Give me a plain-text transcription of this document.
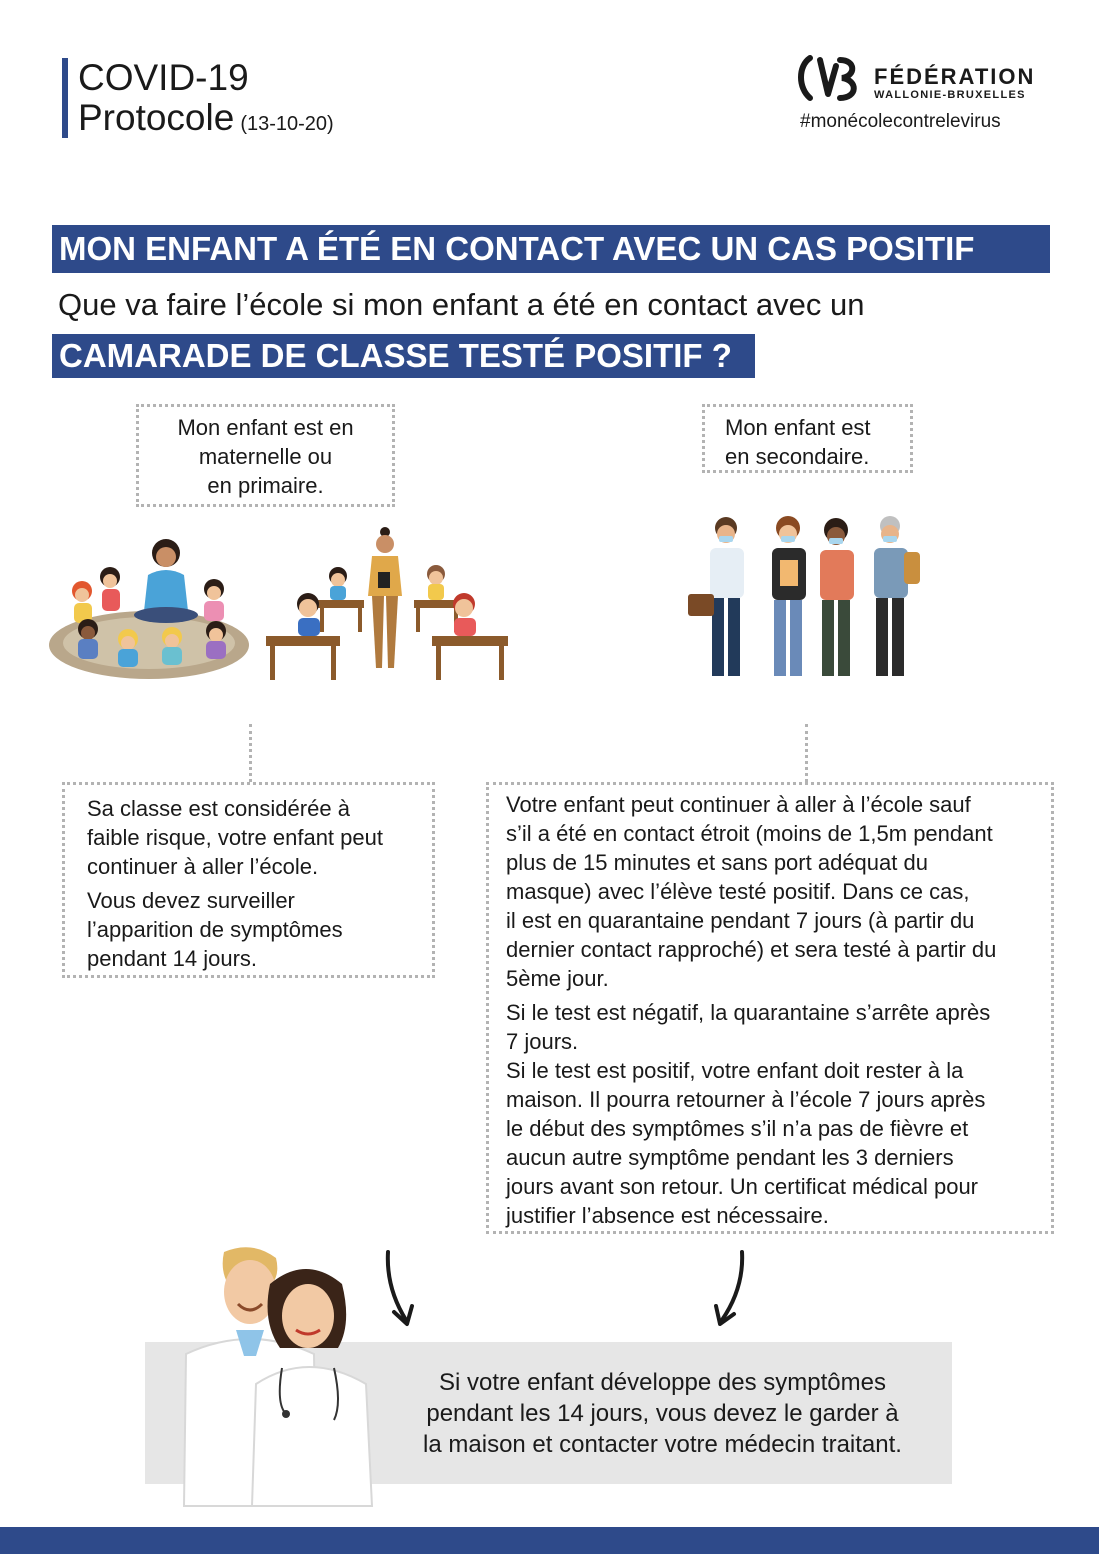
COVID-19
Protocole (13-10-20)
FÉDÉRATION
WALLONIE-BRUXELLES
#monécolecontrelevirus
MON ENFANT A ÉTÉ EN CONTACT AVEC UN CAS POSITIF
Que va faire l’école si mon enfant a été en contact avec un
CAMARADE DE CLASSE TESTÉ POSITIF ?
Mon enfant est en
maternelle ou
en primaire.
Mon enfant est
en secondaire.

Sa classe est considérée à
faible risque, votre enfant peut
continuer à aller l’école.

Vous devez surveiller
l’apparition de symptômes
pendant 14 jours.

Votre enfant peut continuer à aller à l’école sauf
s’il a été en contact étroit (moins de 1,5m pendant
plus de 15 minutes et sans port adéquat du
masque) avec l’élève testé positif. Dans ce cas,
il est en quarantaine pendant 7 jours (à partir du
dernier contact rapproché) et sera testé à partir du
5ème jour.

Si le test est négatif, la quarantaine s’arrête après
7 jours.
Si le test est positif, votre enfant doit rester à la
maison. Il pourra retourner à l’école 7 jours après
le début des symptômes s’il n’a pas de fièvre et
aucun autre symptôme pendant les 3 derniers
jours avant son retour. Un certificat médical pour
justifier l’absence est nécessaire.

Si votre enfant développe des symptômes
pendant les 14 jours, vous devez le garder à
la maison et contacter votre médecin traitant.
